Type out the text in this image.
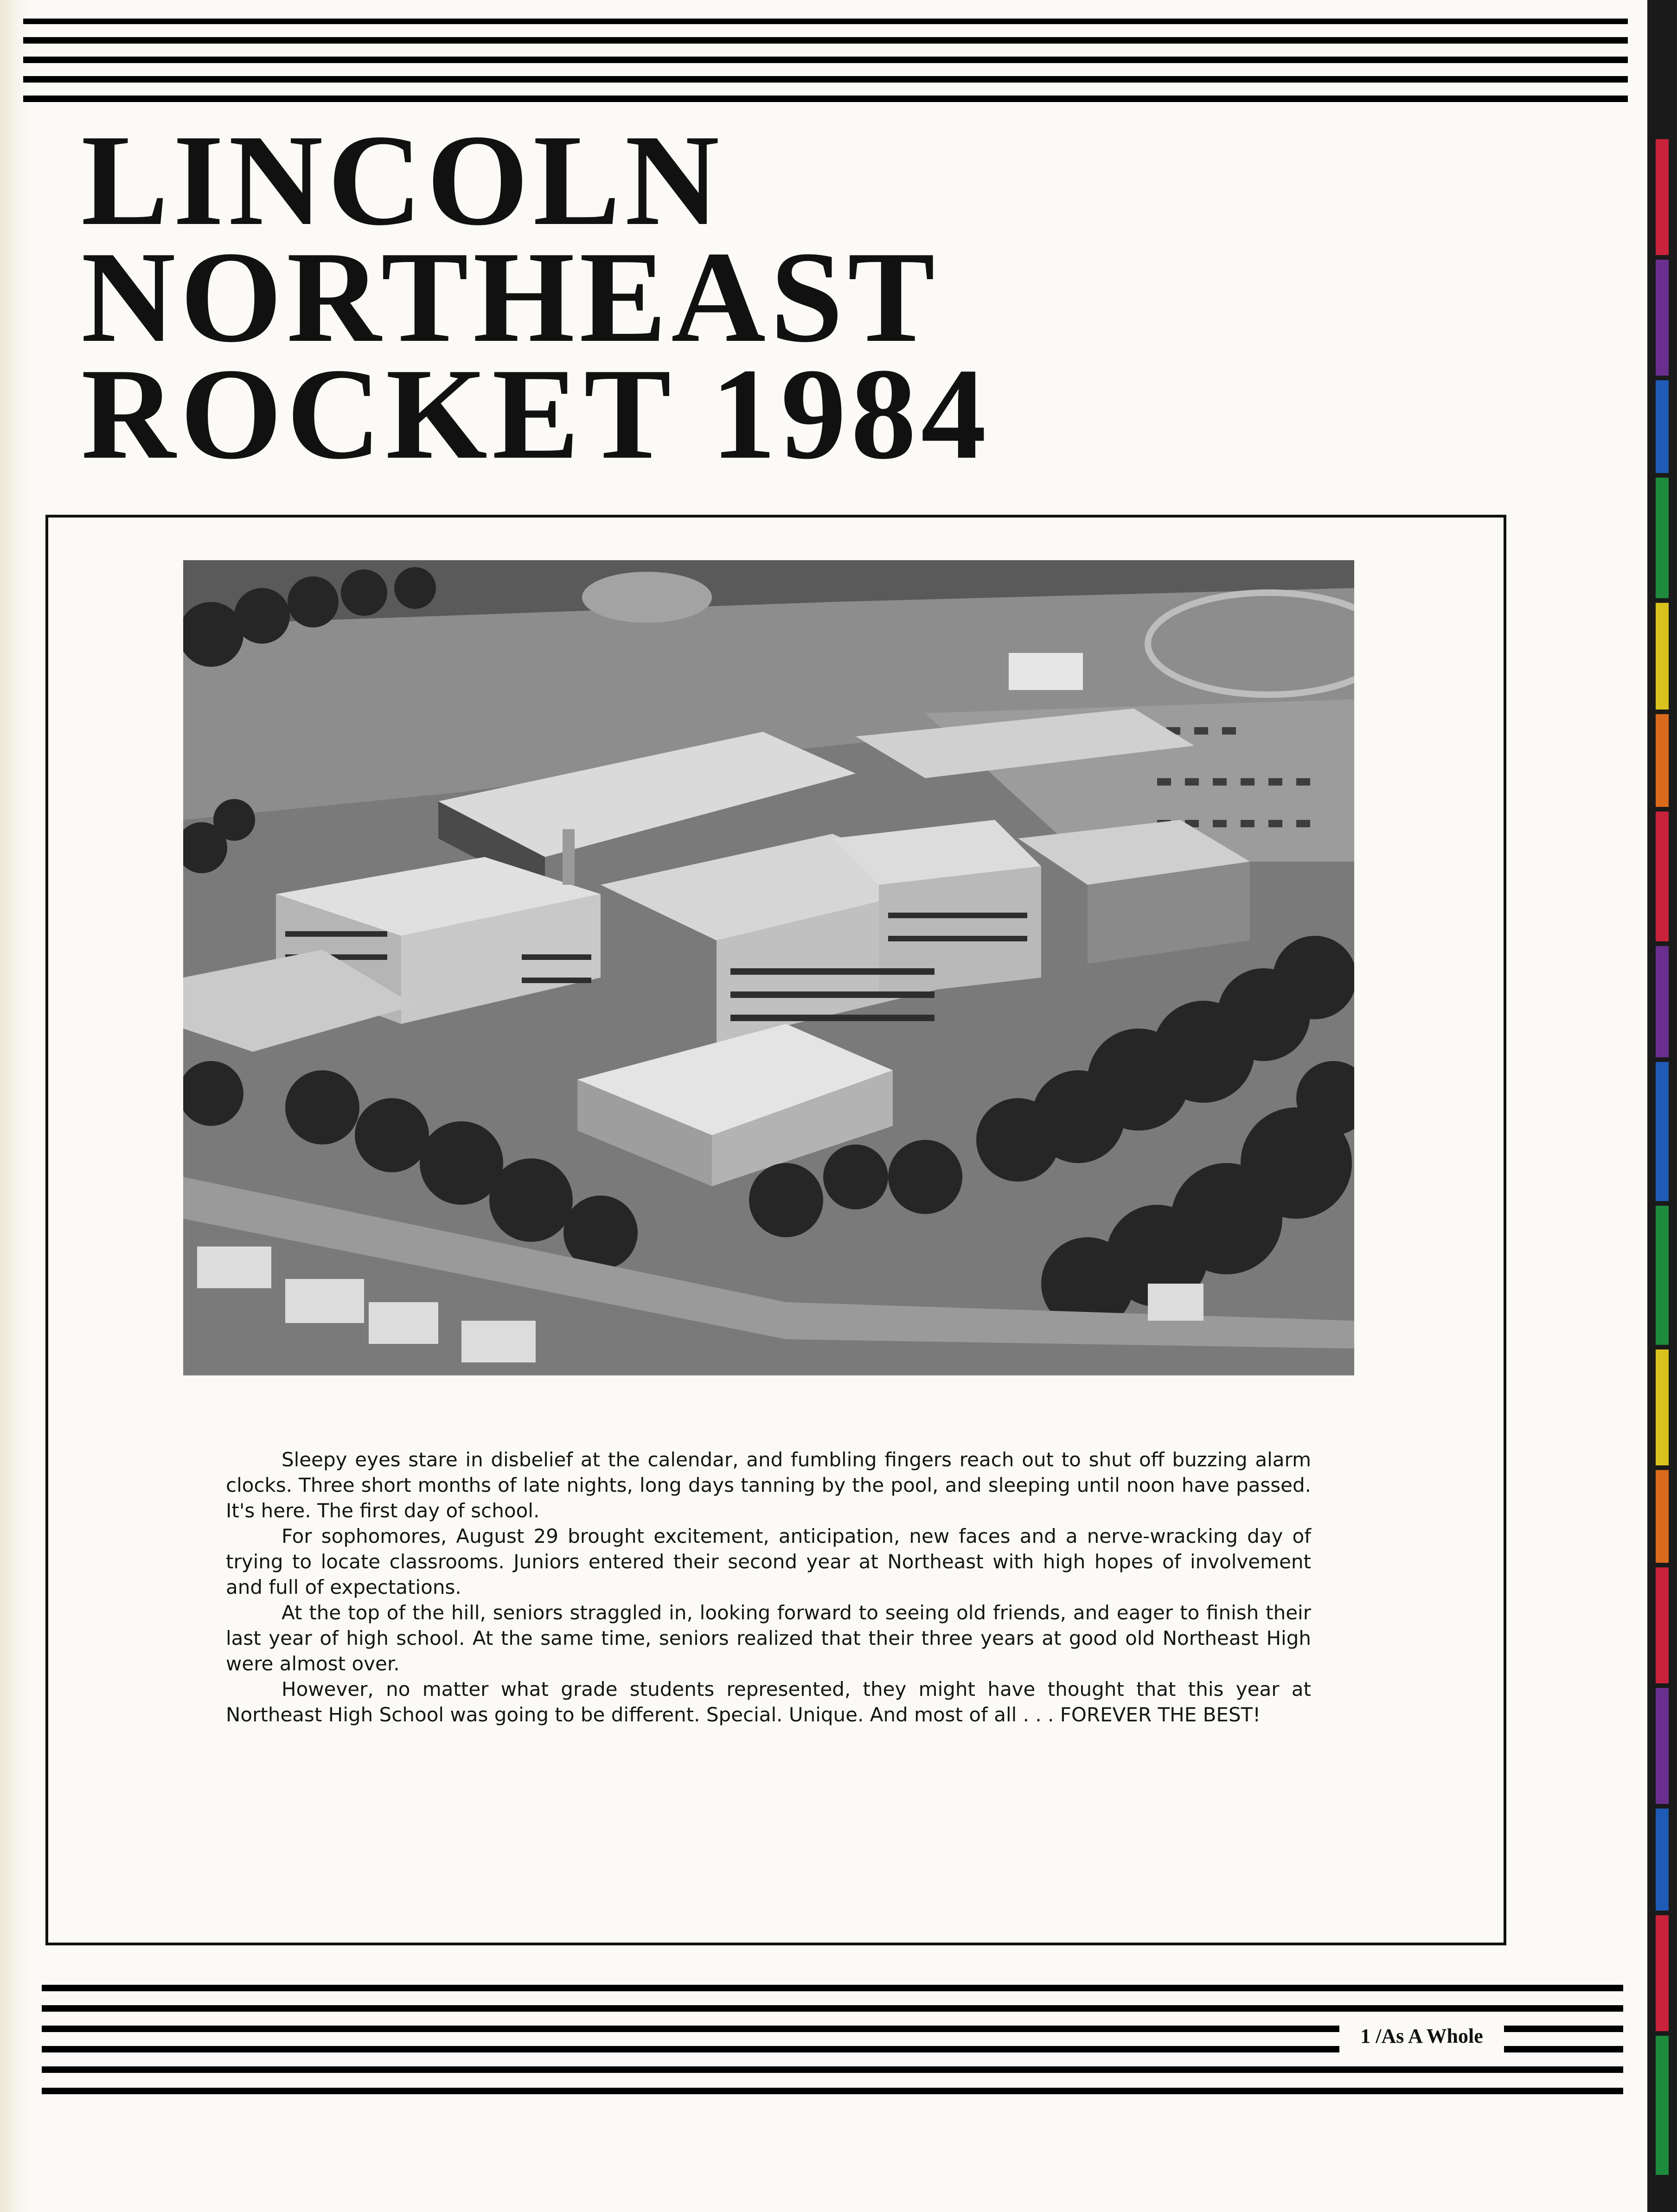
LINCOLN
NORTHEAST
ROCKET 1984

Sleepy eyes stare in disbelief at the calendar, and fumbling fingers reach out to shut off buzzing alarm clocks. Three short months of late nights, long days tanning by the pool, and sleeping until noon have passed. It's here. The first day of school.

For sophomores, August 29 brought excitement, anticipation, new faces and a nerve-wracking day of trying to locate classrooms. Juniors entered their second year at Northeast with high hopes of involvement and full of expectations.

At the top of the hill, seniors straggled in, looking forward to seeing old friends, and eager to finish their last year of high school. At the same time, seniors realized that their three years at good old Northeast High were almost over.

However, no matter what grade students represented, they might have thought that this year at Northeast High School was going to be different. Special. Unique. And most of all . . . FOREVER THE BEST!

1 /As A Whole
